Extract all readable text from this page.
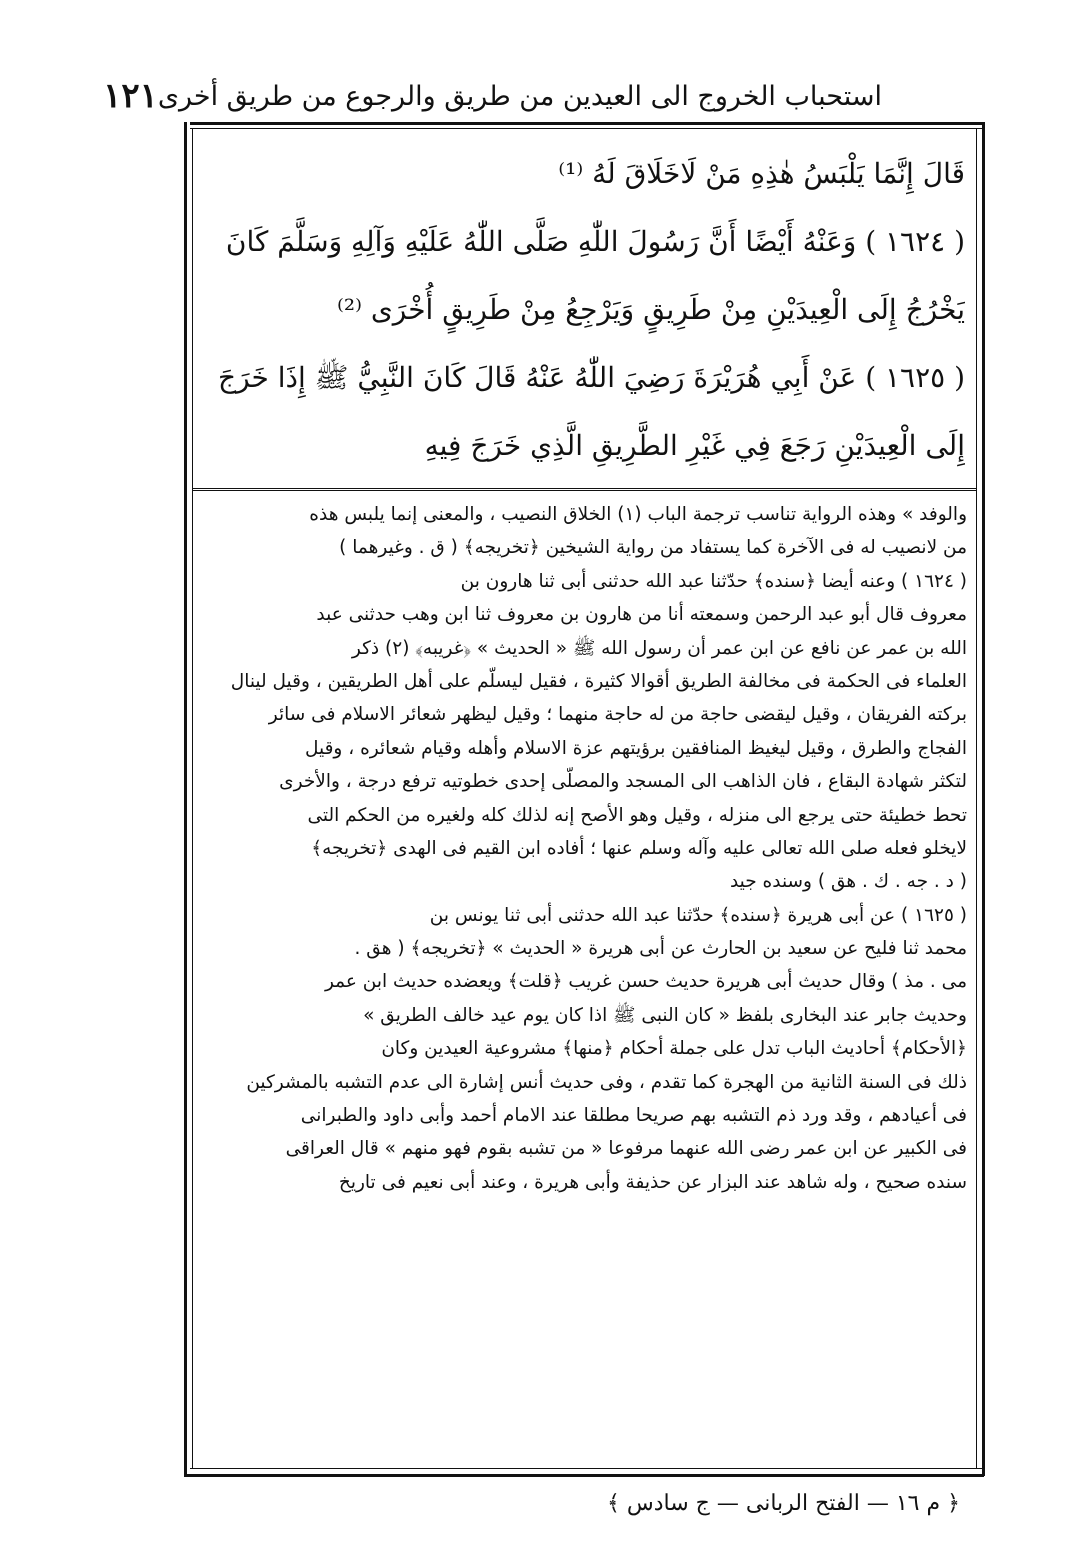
استحباب الخروج الى العيدين من طريق والرجوع من طريق أخرى
١٢١
قَالَ إِنَّمَا يَلْبَسُ هٰذِهِ مَنْ لَاخَلَاقَ لَهُ ⁽¹⁾
( ١٦٢٤ ) وَعَنْهُ أَيْضًا أَنَّ رَسُولَ اللّٰهِ صَلَّى اللّٰهُ عَلَيْهِ وَآلِهِ وَسَلَّمَ كَانَ
يَخْرُجُ إِلَى الْعِيدَيْنِ مِنْ طَرِيقٍ وَيَرْجِعُ مِنْ طَرِيقٍ أُخْرَى ⁽²⁾
( ١٦٢٥ ) عَنْ أَبِي هُرَيْرَةَ رَضِيَ اللّٰهُ عَنْهُ قَالَ كَانَ النَّبِيُّ ﷺ إِذَا خَرَجَ
إِلَى الْعِيدَيْنِ رَجَعَ فِي غَيْرِ الطَّرِيقِ الَّذِي خَرَجَ فِيهِ
والوفد » وهذه الرواية تناسب ترجمة الباب (١) الخلاق النصيب ، والمعنى إنما يلبس هذه
من لانصيب له فى الآخرة كما يستفاد من رواية الشيخين ﴿تخريجه﴾ ( ق . وغيرهما )
( ١٦٢٤ ) وعنه أيضا ﴿سنده﴾ حدّثنا عبد الله حدثنى أبى ثنا هارون بن
معروف قال أبو عبد الرحمن وسمعته أنا من هارون بن معروف ثنا ابن وهب حدثنى عبد
الله بن عمر عن نافع عن ابن عمر أن رسول الله ﷺ « الحديث » ﴿غريبه﴾ (٢) ذكر
العلماء فى الحكمة فى مخالفة الطريق أقوالا كثيرة ، فقيل ليسلّم على أهل الطريقين ، وقيل لينال
بركته الفريقان ، وقيل ليقضى حاجة من له حاجة منهما ؛ وقيل ليظهر شعائر الاسلام فى سائر
الفجاج والطرق ، وقيل ليغيظ المنافقين برؤيتهم عزة الاسلام وأهله وقيام شعائره ، وقيل
لتكثر شهادة البقاع ، فان الذاهب الى المسجد والمصلّى إحدى خطوتيه ترفع درجة ، والأخرى
تحط خطيئة حتى يرجع الى منزله ، وقيل وهو الأصح إنه لذلك كله ولغيره من الحكم التى
لايخلو فعله صلى الله تعالى عليه وآله وسلم عنها ؛ أفاده ابن القيم فى الهدى ﴿تخريجه﴾
( د . جه . ك . هق ) وسنده جيد
( ١٦٢٥ ) عن أبى هريرة ﴿سنده﴾ حدّثنا عبد الله حدثنى أبى ثنا يونس بن
محمد ثنا فليح عن سعيد بن الحارث عن أبى هريرة « الحديث » ﴿تخريجه﴾ ( هق .
مى . مذ ) وقال حديث أبى هريرة حديث حسن غريب ﴿قلت﴾ ويعضده حديث ابن عمر
وحديث جابر عند البخارى بلفظ « كان النبى ﷺ اذا كان يوم عيد خالف الطريق »
﴿الأحكام﴾ أحاديث الباب تدل على جملة أحكام ﴿منها﴾ مشروعية العيدين وكان
ذلك فى السنة الثانية من الهجرة كما تقدم ، وفى حديث أنس إشارة الى عدم التشبه بالمشركين
فى أعيادهم ، وقد ورد ذم التشبه بهم صريحا مطلقا عند الامام أحمد وأبى داود والطبرانى
فى الكبير عن ابن عمر رضى الله عنهما مرفوعا « من تشبه بقوم فهو منهم » قال العراقى
سنده صحيح ، وله شاهد عند البزار عن حذيفة وأبى هريرة ، وعند أبى نعيم فى تاريخ
﴿ م ١٦ — الفتح الربانى — ج سادس ﴾
